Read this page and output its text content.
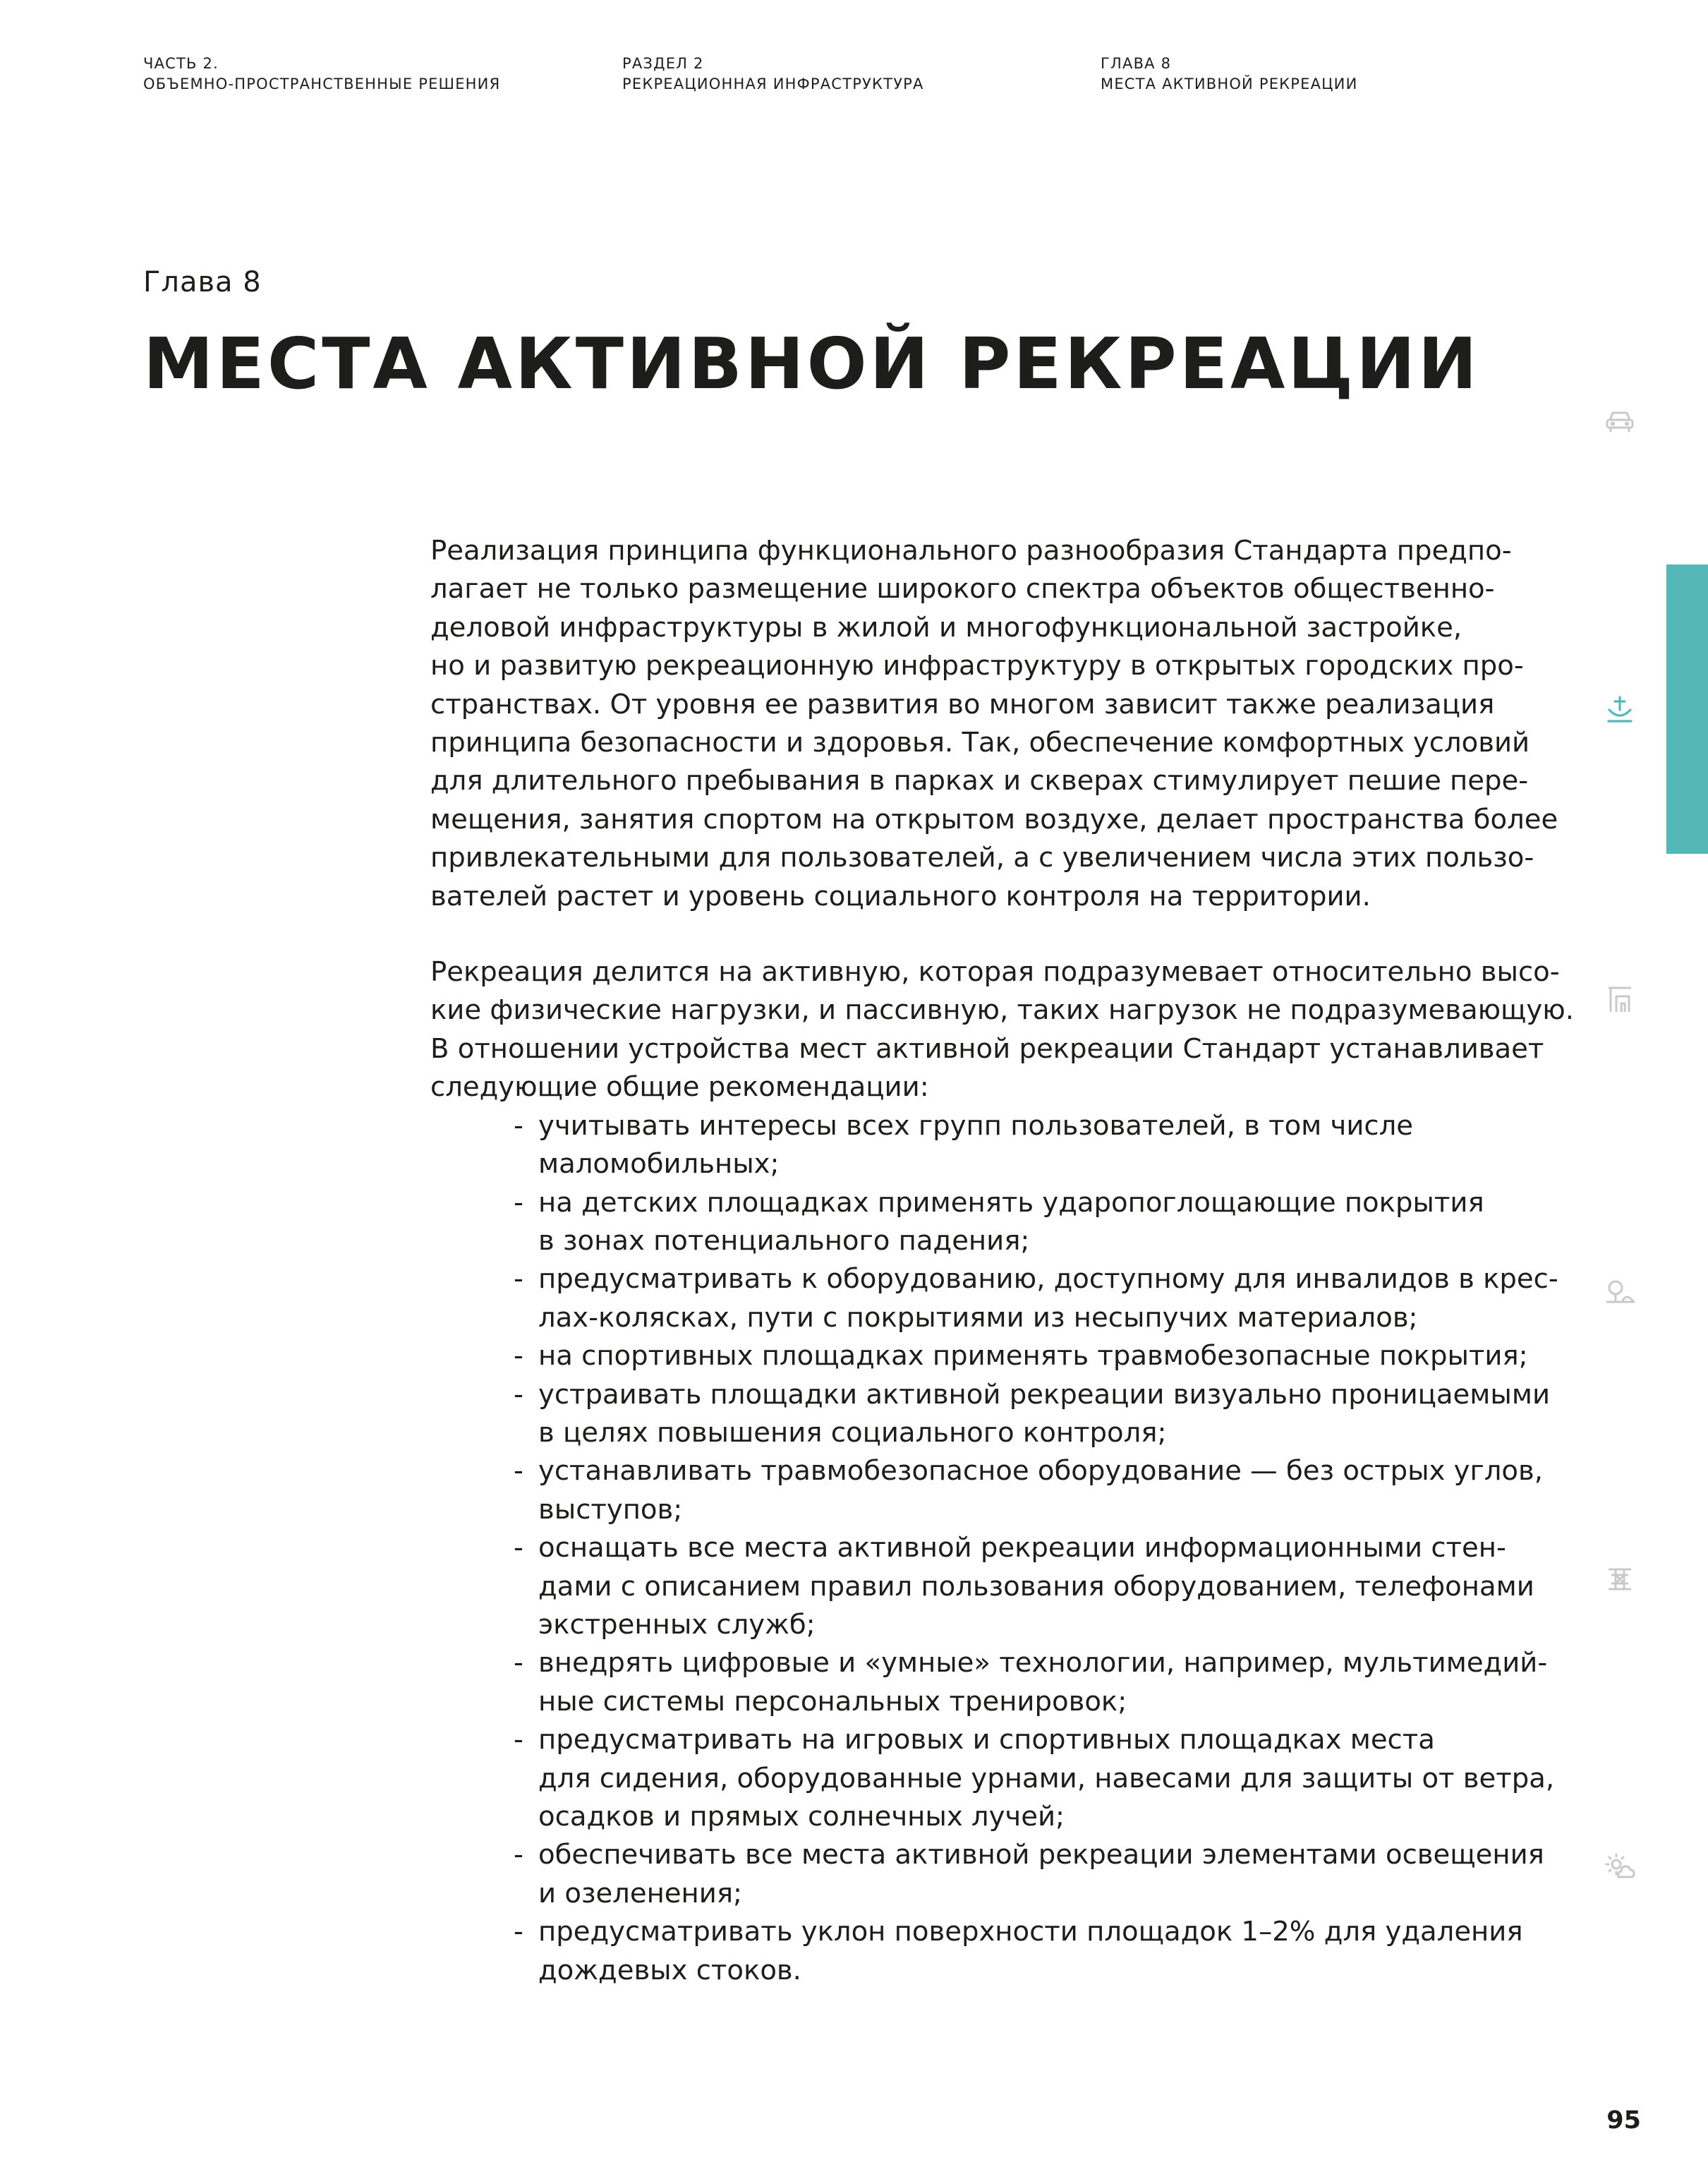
ЧАСТЬ 2.
ОБЪЕМНО-ПРОСТРАНСТВЕННЫЕ РЕШЕНИЯ
РАЗДЕЛ 2
РЕКРЕАЦИОННАЯ ИНФРАСТРУКТУРА
ГЛАВА 8
МЕСТА АКТИВНОЙ РЕКРЕАЦИИ
Глава 8
МЕСТА АКТИВНОЙ РЕКРЕАЦИИ

Реализация принципа функционального разнообразия Стандарта предпо-
лагает не только размещение широкого спектра объектов общественно-
деловой инфраструктуры в жилой и многофункциональной застройке,
но и развитую рекреационную инфраструктуру в открытых городских про-
странствах. От уровня ее развития во многом зависит также реализация
принципа безопасности и здоровья. Так, обеспечение комфортных условий
для длительного пребывания в парках и скверах стимулирует пешие пере-
мещения, занятия спортом на открытом воздухе, делает пространства более
привлекательными для пользователей, а с увеличением числа этих пользо-
вателей растет и уровень социального контроля на территории.

Рекреация делится на активную, которая подразумевает относительно высо-
кие физические нагрузки, и пассивную, таких нагрузок не подразумевающую.
В отношении устройства мест активной рекреации Стандарт устанавливает
следующие общие рекомендации:

- учитывать интересы всех групп пользователей, в том числе
маломобильных;
- на детских площадках применять ударопоглощающие покрытия
в зонах потенциального падения;
- предусматривать к оборудованию, доступному для инвалидов в крес-
лах-колясках, пути с покрытиями из несыпучих материалов;
- на спортивных площадках применять травмобезопасные покрытия;
- устраивать площадки активной рекреации визуально проницаемыми
в целях повышения социального контроля;
- устанавливать травмобезопасное оборудование — без острых углов,
выступов;
- оснащать все места активной рекреации информационными стен-
дами с описанием правил пользования оборудованием, телефонами
экстренных служб;
- внедрять цифровые и «умные» технологии, например, мультимедий-
ные системы персональных тренировок;
- предусматривать на игровых и спортивных площадках места
для сидения, оборудованные урнами, навесами для защиты от ветра,
осадков и прямых солнечных лучей;
- обеспечивать все места активной рекреации элементами освещения
и озеленения;
- предусматривать уклон поверхности площадок 1–2% для удаления
дождевых стоков.
95
